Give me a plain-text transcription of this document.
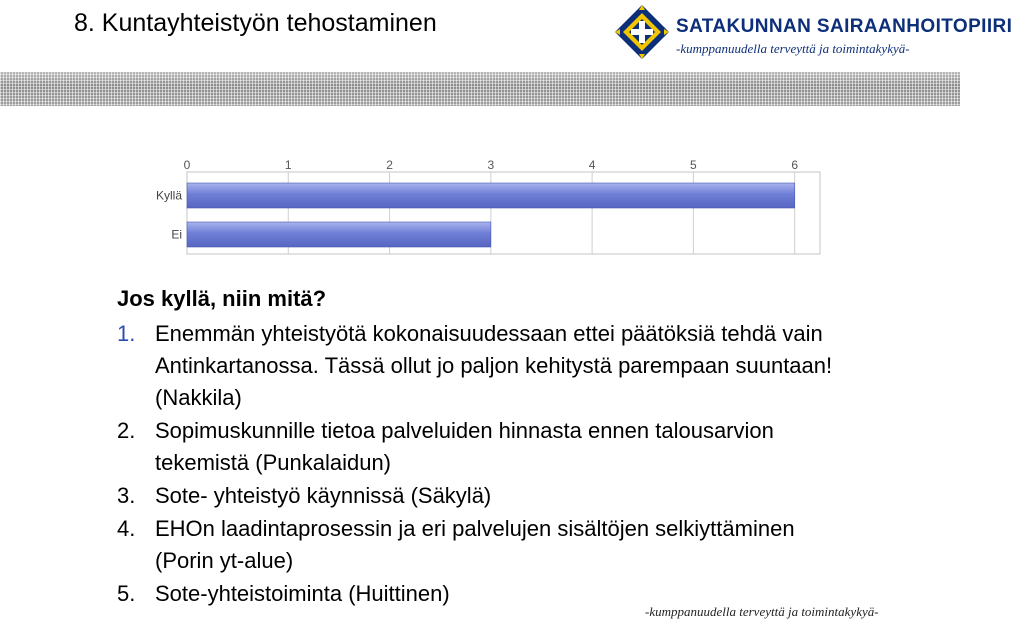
8. Kuntayhteistyön tehostaminen	SATAKUNNAN SAIRAANHOITOPIIRI
-kumppanuudella terveyttä ja toimintakykyä-
0	1	2	3	4	5	6
Kyllä
Ei
Jos kyllä, niin mitä?
1. Enemmän yhteistyötä kokonaisuudessaan ettei päätöksiä tehdä vain Antinkartanossa. Tässä ollut jo paljon kehitystä parempaan suuntaan! (Nakkila)
2. Sopimuskunnille tietoa palveluiden hinnasta ennen talousarvion tekemistä (Punkalaidun)
3. Sote- yhteistyö käynnissä (Säkylä)
4. EHOn laadintaprosessin ja eri palvelujen sisältöjen selkiyttäminen (Porin yt-alue)
5. Sote-yhteistoiminta (Huittinen)
-kumppanuudella terveyttä ja toimintakykyä-
